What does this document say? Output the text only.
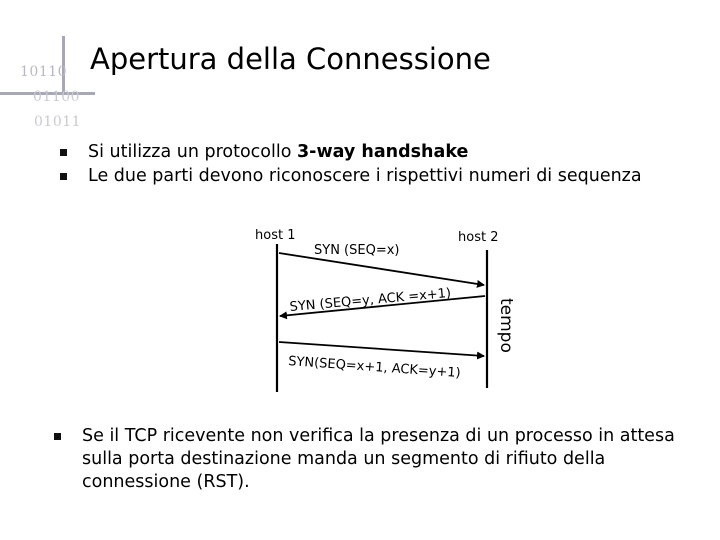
10110
01100
01011
Apertura della Connessione
Si utilizza un protocollo 3-way handshake
Le due parti devono riconoscere i rispettivi numeri di sequenza
host 1	host 2
SYN (SEQ=x)
SYN (SEQ=y, ACK =x+1)
SYN(SEQ=x+1, ACK=y+1)
tempo
Se il TCP ricevente non verifica la presenza di un processo in attesa sulla porta destinazione manda un segmento di rifiuto della connessione (RST).
